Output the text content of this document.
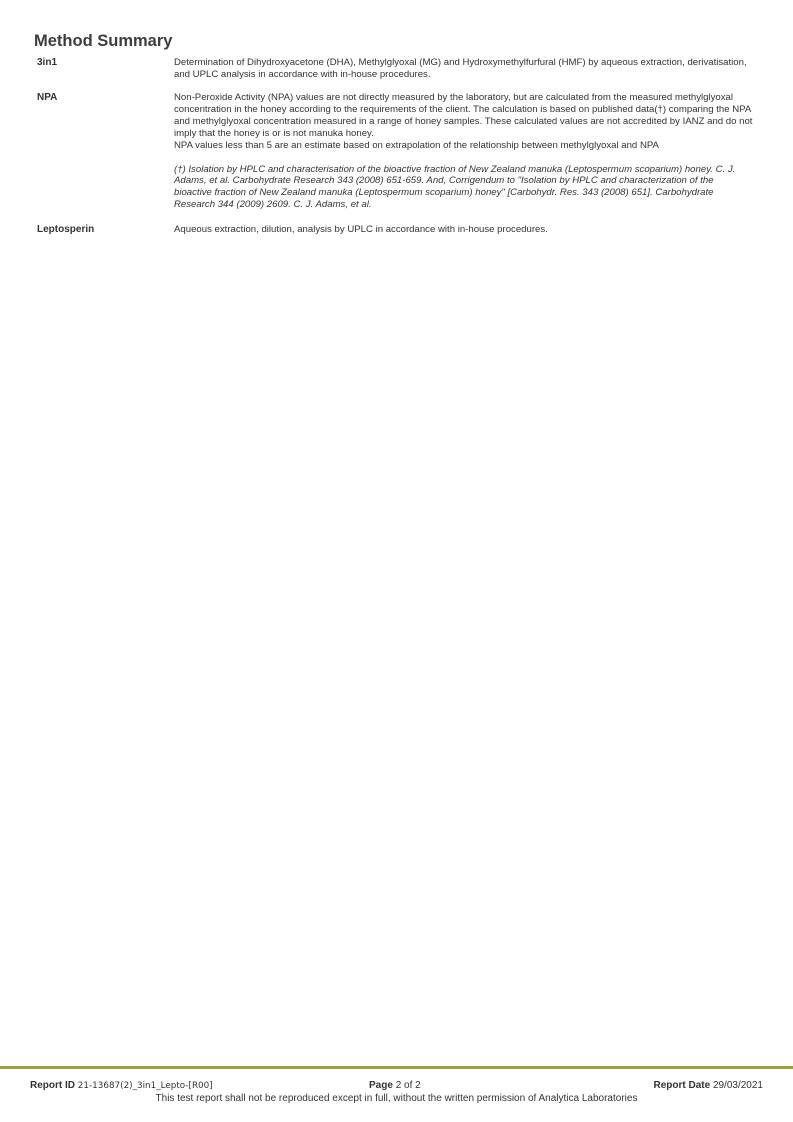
Method Summary
3in1	Determination of Dihydroxyacetone (DHA), Methylglyoxal (MG) and Hydroxymethylfurfural (HMF) by aqueous extraction, derivatisation, and UPLC analysis in accordance with in-house procedures.

NPA	Non-Peroxide Activity (NPA) values are not directly measured by the laboratory, but are calculated from the measured methylglyoxal concentration in the honey according to the requirements of the client. The calculation is based on published data(†) comparing the NPA and methylglyoxal concentration measured in a range of honey samples. These calculated values are not accredited by IANZ and do not imply that the honey is or is not manuka honey.

NPA values less than 5 are an estimate based on extrapolation of the relationship between methylglyoxal and NPA

(†) Isolation by HPLC and characterisation of the bioactive fraction of New Zealand manuka (Leptospermum scoparium) honey. C. J. Adams, et al. Carbohydrate Research 343 (2008) 651-659. And, Corrigendum to "Isolation by HPLC and characterization of the bioactive fraction of New Zealand manuka (Leptospermum scoparium) honey" [Carbohydr. Res. 343 (2008) 651]. Carbohydrate Research 344 (2009) 2609. C. J. Adams, et al.

Leptosperin	Aqueous extraction, dilution, analysis by UPLC in accordance with in-house procedures.

Report ID 21-13687(2)_3in1_Lepto-[R00]	Page 2 of 2	Report Date 29/03/2021
This test report shall not be reproduced except in full, without the written permission of Analytica Laboratories
